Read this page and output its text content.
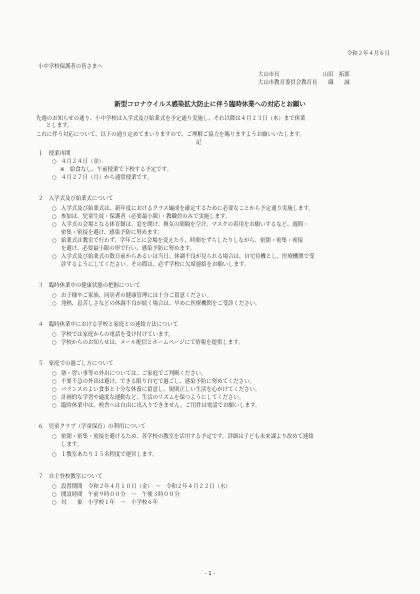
令和２年４月６日
小中学校保護者の皆さまへ
大山市長　　　　　　　　山田　拓郎
大山市教育委員会教育長　　織　　誠
新型コロナウイルス感染拡大防止に伴う臨時休業への対応とお願い
先週のお知らせの通り、小中学校は入学式及び始業式を予定通り実施し、それ以降は４月２３日（木）まで休業
とします。
これに伴う対応について、以下の通り定めてまいりますので、ご理解ご協力を賜りますようお願いいたします。
記
１　授業再開
○ ４月２４日（金）
※　給食なし、午前授業で下校する予定です。
○ ４月２７日（月）から通常授業です。
２　入学式及び始業式について
○ 入学式及び始業式は、新年度におけるクラス編成を確定するために必要なことから予定通り実施します。
○ 参加は、児童生徒・保護者（必要最小限）・教職員のみで実施します。
○ 入学式の会場となる体育館は、窓を開け、換気の間隔を空け、マスクの着用をお願いするなど、週間・
密集・密接を避け、感染予防に努めます。
○ 始業式は教室で行わず、学年ごとに会場を変えたり、時間をずらしたりしながら、密閉・密集・密接
を避け、必要最小限の形で行い、感染予防に努めます。
○ 入学式及び始業式の数日前からあるいは当日、体調不良が見られる場合は、自宅待機とし、医療機関で受
診するようにしてください。その際は、必ず学校に欠席連絡をお願いします。
３　臨時休業中の健康状態の把握について
○ お子様やご家族、同居者の健康管理には十分ご留意ください。
○ 発熱、息苦しさなどの体調不良が続く場合は、早めに医療機関をご受診ください。
４　臨時休業中における学校と家庭との連絡方法について
○ 学校では家庭からの電話を受け付けています。
○ 学校からのお知らせは、メール配信とホームページにて情報を提供します。
５　家庭での過ごし方について
○ 塾・習い事等の外出については、ご家庭でご判断ください。
○ 不要不急の外出は避け、できる限り自宅で過ごし、感染予防に努めてください。
○ バランスのよい食事と十分な休養に留意し、規則正しい生活を心がけてください。
○ 計画的な学習や適度な運動など、生活のリズムを保つようにしてください。
○ 臨時休業中は、校舎へは自由に出入りできません。ご用件は電話でお願いします。
６　児童クラブ（学童保育）の利用について
○ 密閉・密集・密接を避けるため、各学校の教室を活用する予定です。詳細は子ども未来課より改めて連絡
します。
○ １教室あたり１５名程度で運営します。
７　自主登校教室について
○ 設置期間　令和２年４月１０日（金）　～　令和２年４月２２日（水）
○ 開設時間　午前９時００分　～　午後３時００分
○ 対　　象　小学校１年　～　小学校６年
- 1 -
